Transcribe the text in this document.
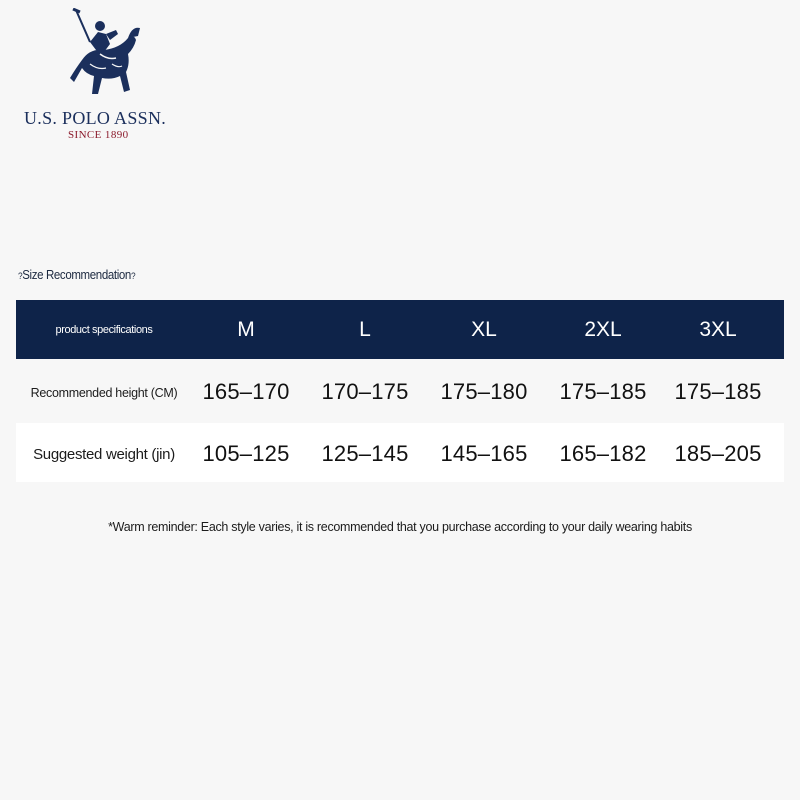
U.S. POLO ASSN.
SINCE 1890
?Size Recommendation?
product specifications	M	L	XL	2XL	3XL
Recommended height (CM)	165–170	170–175	175–180	175–185	175–185
Suggested weight (jin)	105–125	125–145	145–165	165–182	185–205
*Warm reminder: Each style varies, it is recommended that you purchase according to your daily wearing habits
